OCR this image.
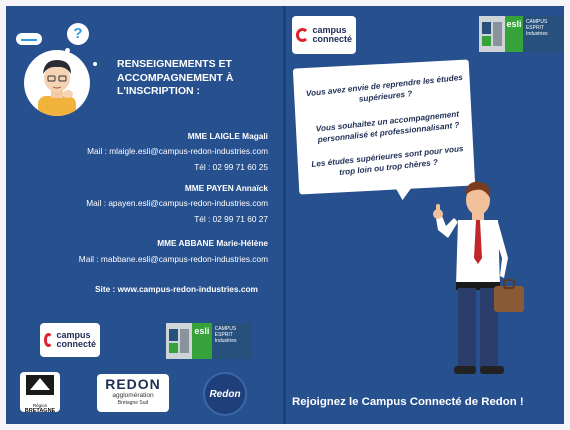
?
RENSEIGNEMENTS ET
ACCOMPAGNEMENT À
L'INSCRIPTION :
MME LAIGLE Magali
Mail : mlaigle.esli@campus-redon-industries.com
Tél : 02 99 71 60 25
MME PAYEN Annaïck
Mail : apayen.esli@campus-redon-industries.com
Tél : 02 99 71 60 27
MME ABBANE Marie-Hélène
Mail : mabbane.esli@campus-redon-industries.com
Site : www.campus-redon-industries.com
campus
connecté
esli	CAMPUS
ESPRIT
Industries
Région
BRETAGNE
REDON
agglomération
Bretagne Sud
Redon
campus
connecté
esli CAMPUS
ESPRIT
Industries
Vous avez envie de reprendre les études
supérieures ?
Vous souhaitez un accompagnement
personnalisé et professionnalisant ?
Les études supérieures sont pour vous
trop loin ou trop chères ?
Rejoignez le Campus Connecté de Redon !
